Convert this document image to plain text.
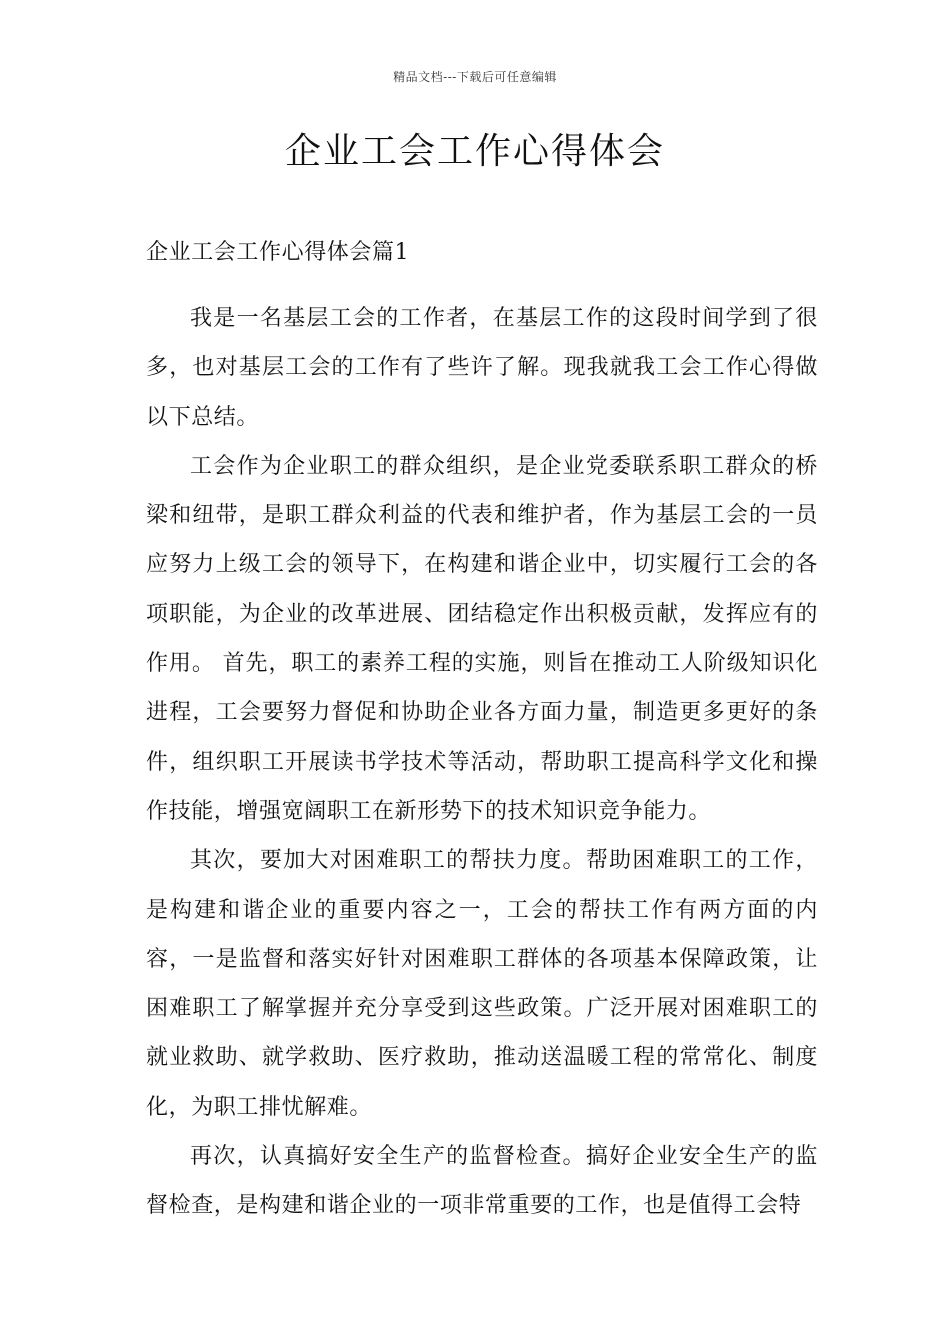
精品文档---下载后可任意编辑
企业工会工作心得体会
企业工会工作心得体会篇1

我是一名基层工会的工作者，在基层工作的这段时间学到了很多，也对基层工会的工作有了些许了解。现我就我工会工作心得做以下总结。

工会作为企业职工的群众组织，是企业党委联系职工群众的桥梁和纽带，是职工群众利益的代表和维护者，作为基层工会的一员应努力上级工会的领导下，在构建和谐企业中，切实履行工会的各项职能，为企业的改革进展、团结稳定作出积极贡献，发挥应有的作用。 首先，职工的素养工程的实施，则旨在推动工人阶级知识化进程，工会要努力督促和协助企业各方面力量，制造更多更好的条件，组织职工开展读书学技术等活动，帮助职工提高科学文化和操作技能，增强宽阔职工在新形势下的技术知识竞争能力。

其次，要加大对困难职工的帮扶力度。帮助困难职工的工作，是构建和谐企业的重要内容之一，工会的帮扶工作有两方面的内容，一是监督和落实好针对困难职工群体的各项基本保障政策，让困难职工了解掌握并充分享受到这些政策。广泛开展对困难职工的就业救助、就学救助、医疗救助，推动送温暖工程的常常化、制度化，为职工排忧解难。

再次，认真搞好安全生产的监督检查。搞好企业安全生产的监督检查，是构建和谐企业的一项非常重要的工作，也是值得工会特
